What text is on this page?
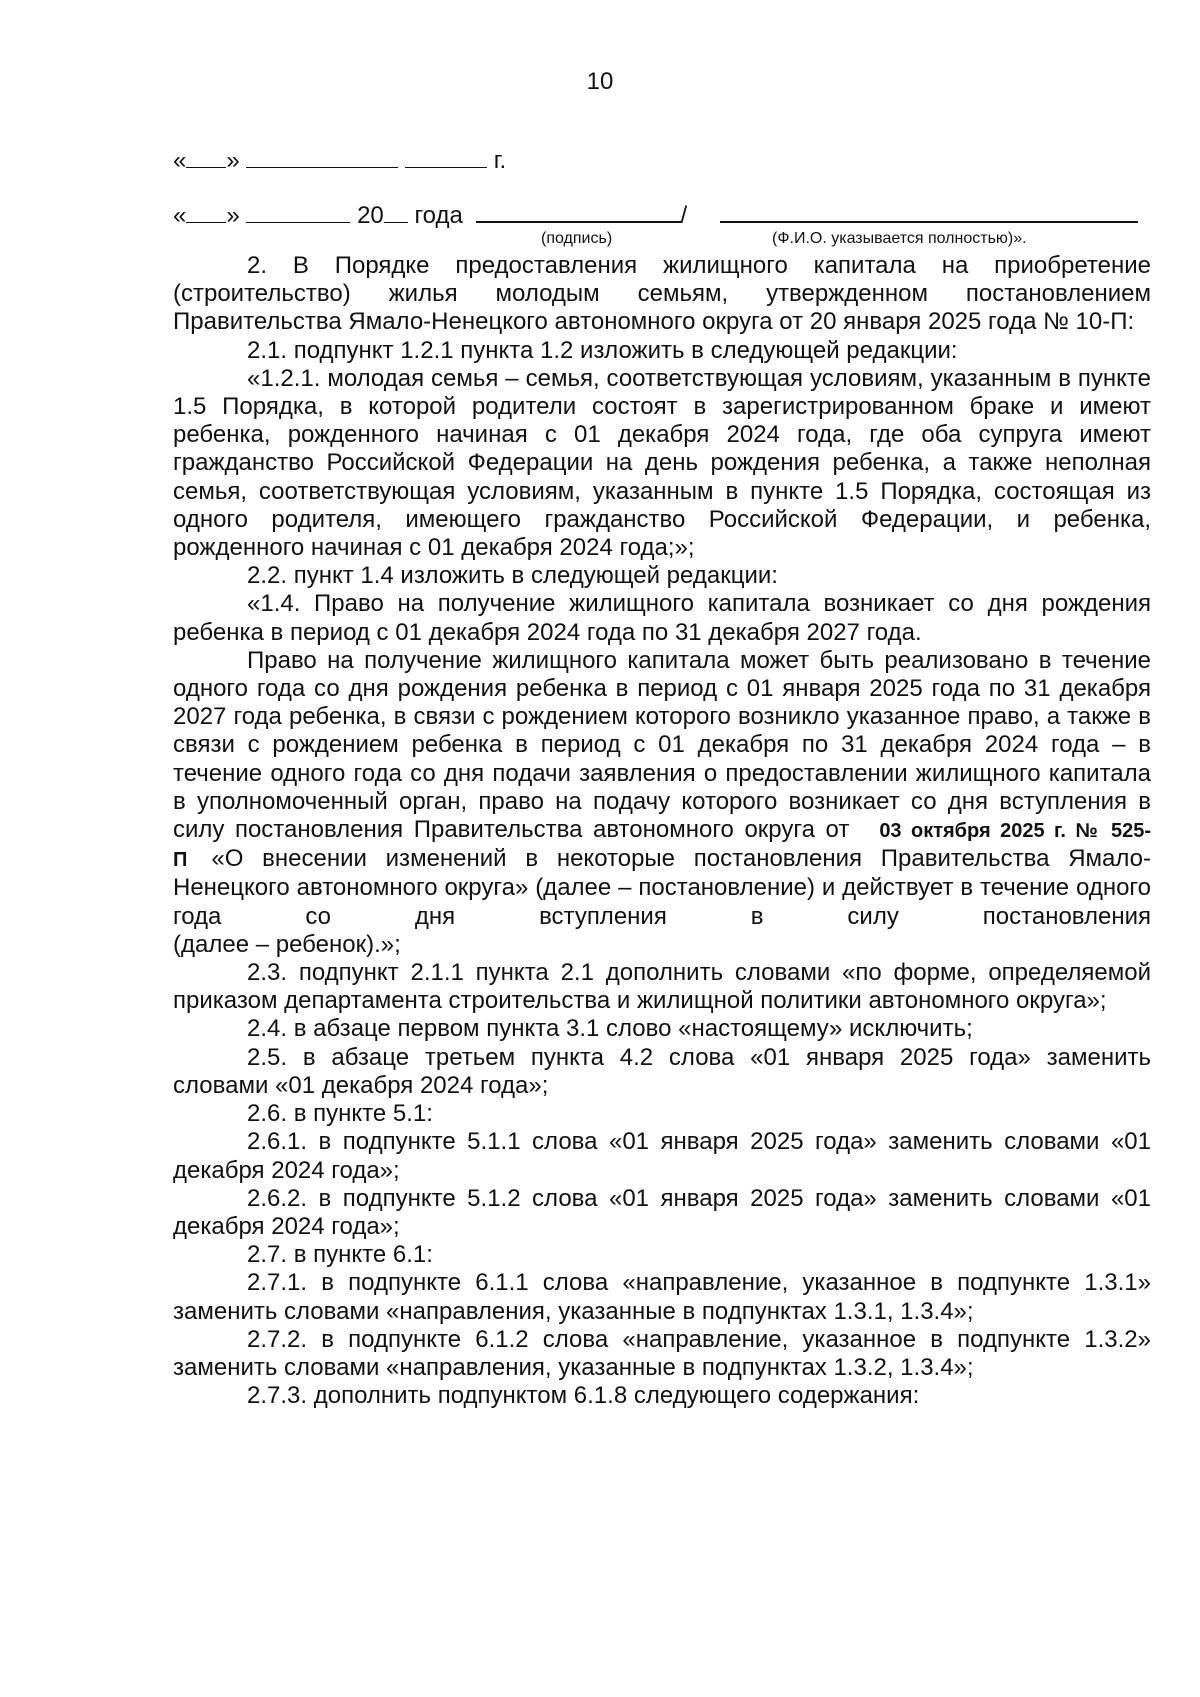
10
« »	г.
« »	20 года	/
(подпись)	(Ф.И.О. указывается полностью)».

2. В Порядке предоставления жилищного капитала на приобретение (строительство) жилья молодым семьям, утвержденном постановлением Правительства Ямало-Ненецкого автономного округа от 20 января 2025 года № 10-П:

2.1. подпункт 1.2.1 пункта 1.2 изложить в следующей редакции:

«1.2.1. молодая семья – семья, соответствующая условиям, указанным в пункте 1.5 Порядка, в которой родители состоят в зарегистрированном браке и имеют ребенка, рожденного начиная с 01 декабря 2024 года, где оба супруга имеют гражданство Российской Федерации на день рождения ребенка, а также неполная семья, соответствующая условиям, указанным в пункте 1.5 Порядка, состоящая из одного родителя, имеющего гражданство Российской Федерации, и ребенка, рожденного начиная с 01 декабря 2024 года;»;

2.2. пункт 1.4 изложить в следующей редакции:

«1.4. Право на получение жилищного капитала возникает со дня рождения ребенка в период с 01 декабря 2024 года по 31 декабря 2027 года.

Право на получение жилищного капитала может быть реализовано в течение одного года со дня рождения ребенка в период с 01 января 2025 года по 31 декабря 2027 года ребенка, в связи с рождением которого возникло указанное право, а также в связи с рождением ребенка в период с 01 декабря по 31 декабря 2024 года – в течение одного года со дня подачи заявления о предоставлении жилищного капитала в уполномоченный орган, право на подачу которого возникает со дня вступления в силу постановления Правительства автономного округа от 03 октября 2025 г. № 525-П «О внесении изменений в некоторые постановления Правительства Ямало-Ненецкого автономного округа» (далее – постановление) и действует в течение одного года со дня вступления в силу постановления

(далее – ребенок).»;

2.3. подпункт 2.1.1 пункта 2.1 дополнить словами «по форме, определяемой приказом департамента строительства и жилищной политики автономного округа»;

2.4. в абзаце первом пункта 3.1 слово «настоящему» исключить;

2.5. в абзаце третьем пункта 4.2 слова «01 января 2025 года» заменить словами «01 декабря 2024 года»;

2.6. в пункте 5.1:

2.6.1. в подпункте 5.1.1 слова «01 января 2025 года» заменить словами «01 декабря 2024 года»;

2.6.2. в подпункте 5.1.2 слова «01 января 2025 года» заменить словами «01 декабря 2024 года»;

2.7. в пункте 6.1:

2.7.1. в подпункте 6.1.1 слова «направление, указанное в подпункте 1.3.1» заменить словами «направления, указанные в подпунктах 1.3.1, 1.3.4»;

2.7.2. в подпункте 6.1.2 слова «направление, указанное в подпункте 1.3.2» заменить словами «направления, указанные в подпунктах 1.3.2, 1.3.4»;

2.7.3. дополнить подпунктом 6.1.8 следующего содержания:
